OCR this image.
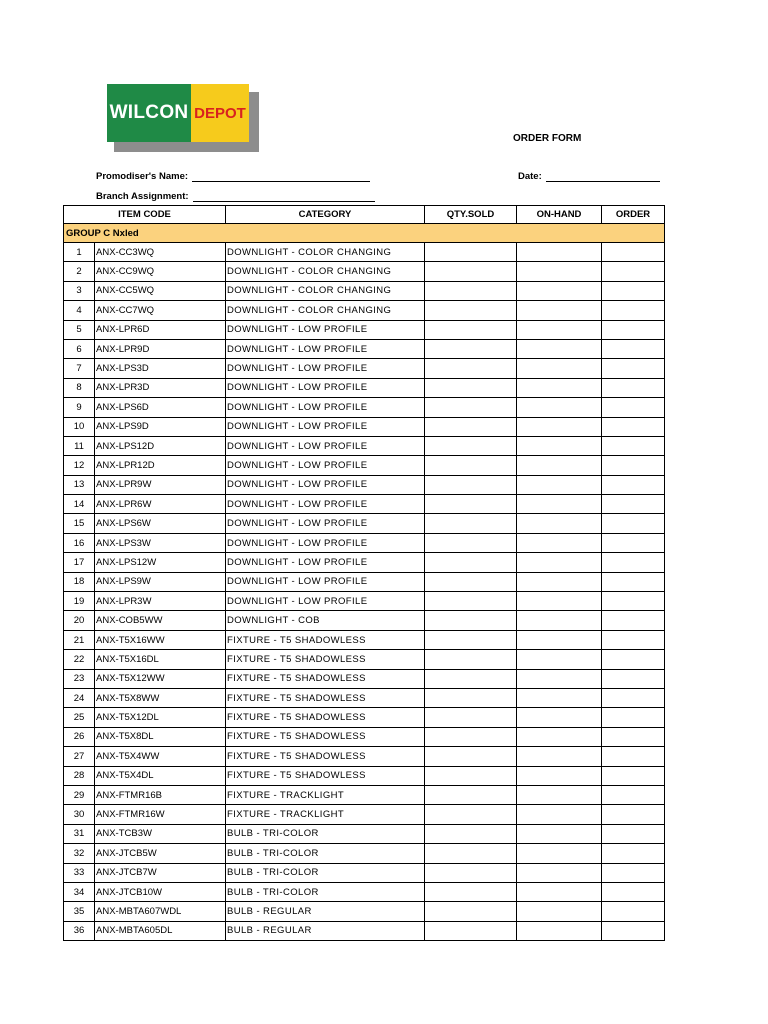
WILCON DEPOT
ORDER FORM
Promodiser's Name:	Date:
Branch Assignment:
ITEM CODE		CATEGORY	QTY.SOLD	ON-HAND	ORDER
GROUP C Nxled					
1	ANX-CC3WQ	DOWNLIGHT - COLOR CHANGING			
2	ANX-CC9WQ	DOWNLIGHT - COLOR CHANGING			
3	ANX-CC5WQ	DOWNLIGHT - COLOR CHANGING			
4	ANX-CC7WQ	DOWNLIGHT - COLOR CHANGING			
5	ANX-LPR6D	DOWNLIGHT - LOW PROFILE			
6	ANX-LPR9D	DOWNLIGHT - LOW PROFILE			
7	ANX-LPS3D	DOWNLIGHT - LOW PROFILE			
8	ANX-LPR3D	DOWNLIGHT - LOW PROFILE			
9	ANX-LPS6D	DOWNLIGHT - LOW PROFILE			
10	ANX-LPS9D	DOWNLIGHT - LOW PROFILE			
11	ANX-LPS12D	DOWNLIGHT - LOW PROFILE			
12	ANX-LPR12D	DOWNLIGHT - LOW PROFILE			
13	ANX-LPR9W	DOWNLIGHT - LOW PROFILE			
14	ANX-LPR6W	DOWNLIGHT - LOW PROFILE			
15	ANX-LPS6W	DOWNLIGHT - LOW PROFILE			
16	ANX-LPS3W	DOWNLIGHT - LOW PROFILE			
17	ANX-LPS12W	DOWNLIGHT - LOW PROFILE			
18	ANX-LPS9W	DOWNLIGHT - LOW PROFILE			
19	ANX-LPR3W	DOWNLIGHT - LOW PROFILE			
20	ANX-COB5WW	DOWNLIGHT - COB			
21	ANX-T5X16WW	FIXTURE - T5 SHADOWLESS			
22	ANX-T5X16DL	FIXTURE - T5 SHADOWLESS			
23	ANX-T5X12WW	FIXTURE - T5 SHADOWLESS			
24	ANX-T5X8WW	FIXTURE - T5 SHADOWLESS			
25	ANX-T5X12DL	FIXTURE - T5 SHADOWLESS			
26	ANX-T5X8DL	FIXTURE - T5 SHADOWLESS			
27	ANX-T5X4WW	FIXTURE - T5 SHADOWLESS			
28	ANX-T5X4DL	FIXTURE - T5 SHADOWLESS			
29	ANX-FTMR16B	FIXTURE - TRACKLIGHT			
30	ANX-FTMR16W	FIXTURE - TRACKLIGHT			
31	ANX-TCB3W	BULB - TRI-COLOR			
32	ANX-JTCB5W	BULB - TRI-COLOR			
33	ANX-JTCB7W	BULB - TRI-COLOR			
34	ANX-JTCB10W	BULB - TRI-COLOR			
35	ANX-MBTA607WDL	BULB - REGULAR			
36	ANX-MBTA605DL	BULB - REGULAR			
